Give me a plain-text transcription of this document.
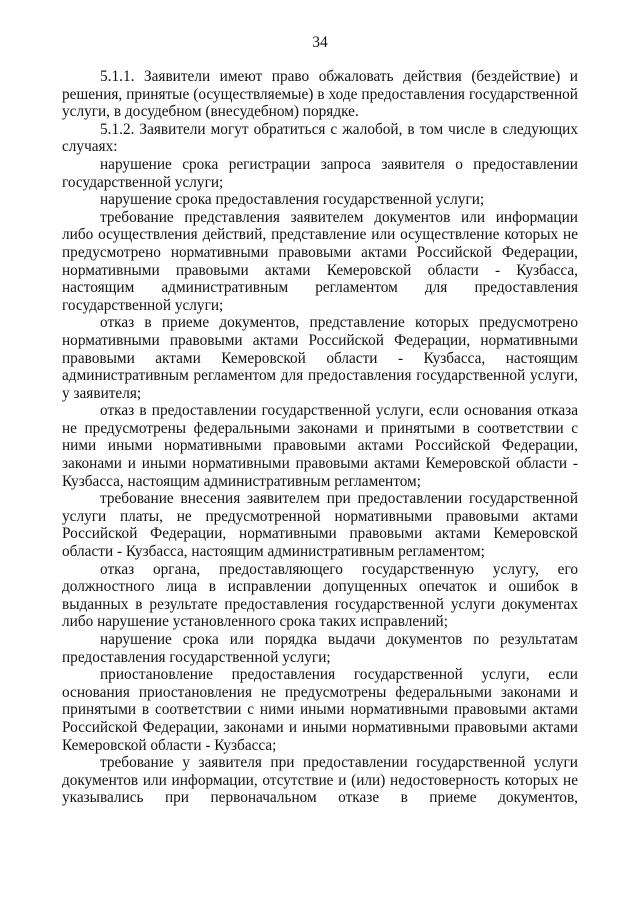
34

5.1.1. Заявители имеют право обжаловать действия (бездействие) и решения, принятые (осуществляемые) в ходе предоставления государственной услуги, в досудебном (внесудебном) порядке.

5.1.2. Заявители могут обратиться с жалобой, в том числе в следующих случаях:

нарушение срока регистрации запроса заявителя о предоставлении государственной услуги;

нарушение срока предоставления государственной услуги;

требование представления заявителем документов или информации либо осуществления действий, представление или осуществление которых не предусмотрено нормативными правовыми актами Российской Федерации, нормативными правовыми актами Кемеровской области - Кузбасса, настоящим административным регламентом для предоставления государственной услуги;

отказ в приеме документов, представление которых предусмотрено нормативными правовыми актами Российской Федерации, нормативными правовыми актами Кемеровской области - Кузбасса, настоящим административным регламентом для предоставления государственной услуги, у заявителя;

отказ в предоставлении государственной услуги, если основания отказа не предусмотрены федеральными законами и принятыми в соответствии с ними иными нормативными правовыми актами Российской Федерации, законами и иными нормативными правовыми актами Кемеровской области - Кузбасса, настоящим административным регламентом;

требование внесения заявителем при предоставлении государственной услуги платы, не предусмотренной нормативными правовыми актами Российской Федерации, нормативными правовыми актами Кемеровской области - Кузбасса, настоящим административным регламентом;

отказ органа, предоставляющего государственную услугу, его должностного лица в исправлении допущенных опечаток и ошибок в выданных в результате предоставления государственной услуги документах либо нарушение установленного срока таких исправлений;

нарушение срока или порядка выдачи документов по результатам предоставления государственной услуги;

приостановление предоставления государственной услуги, если основания приостановления не предусмотрены федеральными законами и принятыми в соответствии с ними иными нормативными правовыми актами Российской Федерации, законами и иными нормативными правовыми актами Кемеровской области - Кузбасса;

требование у заявителя при предоставлении государственной услуги документов или информации, отсутствие и (или) недостоверность которых не указывались при первоначальном отказе в приеме документов,
